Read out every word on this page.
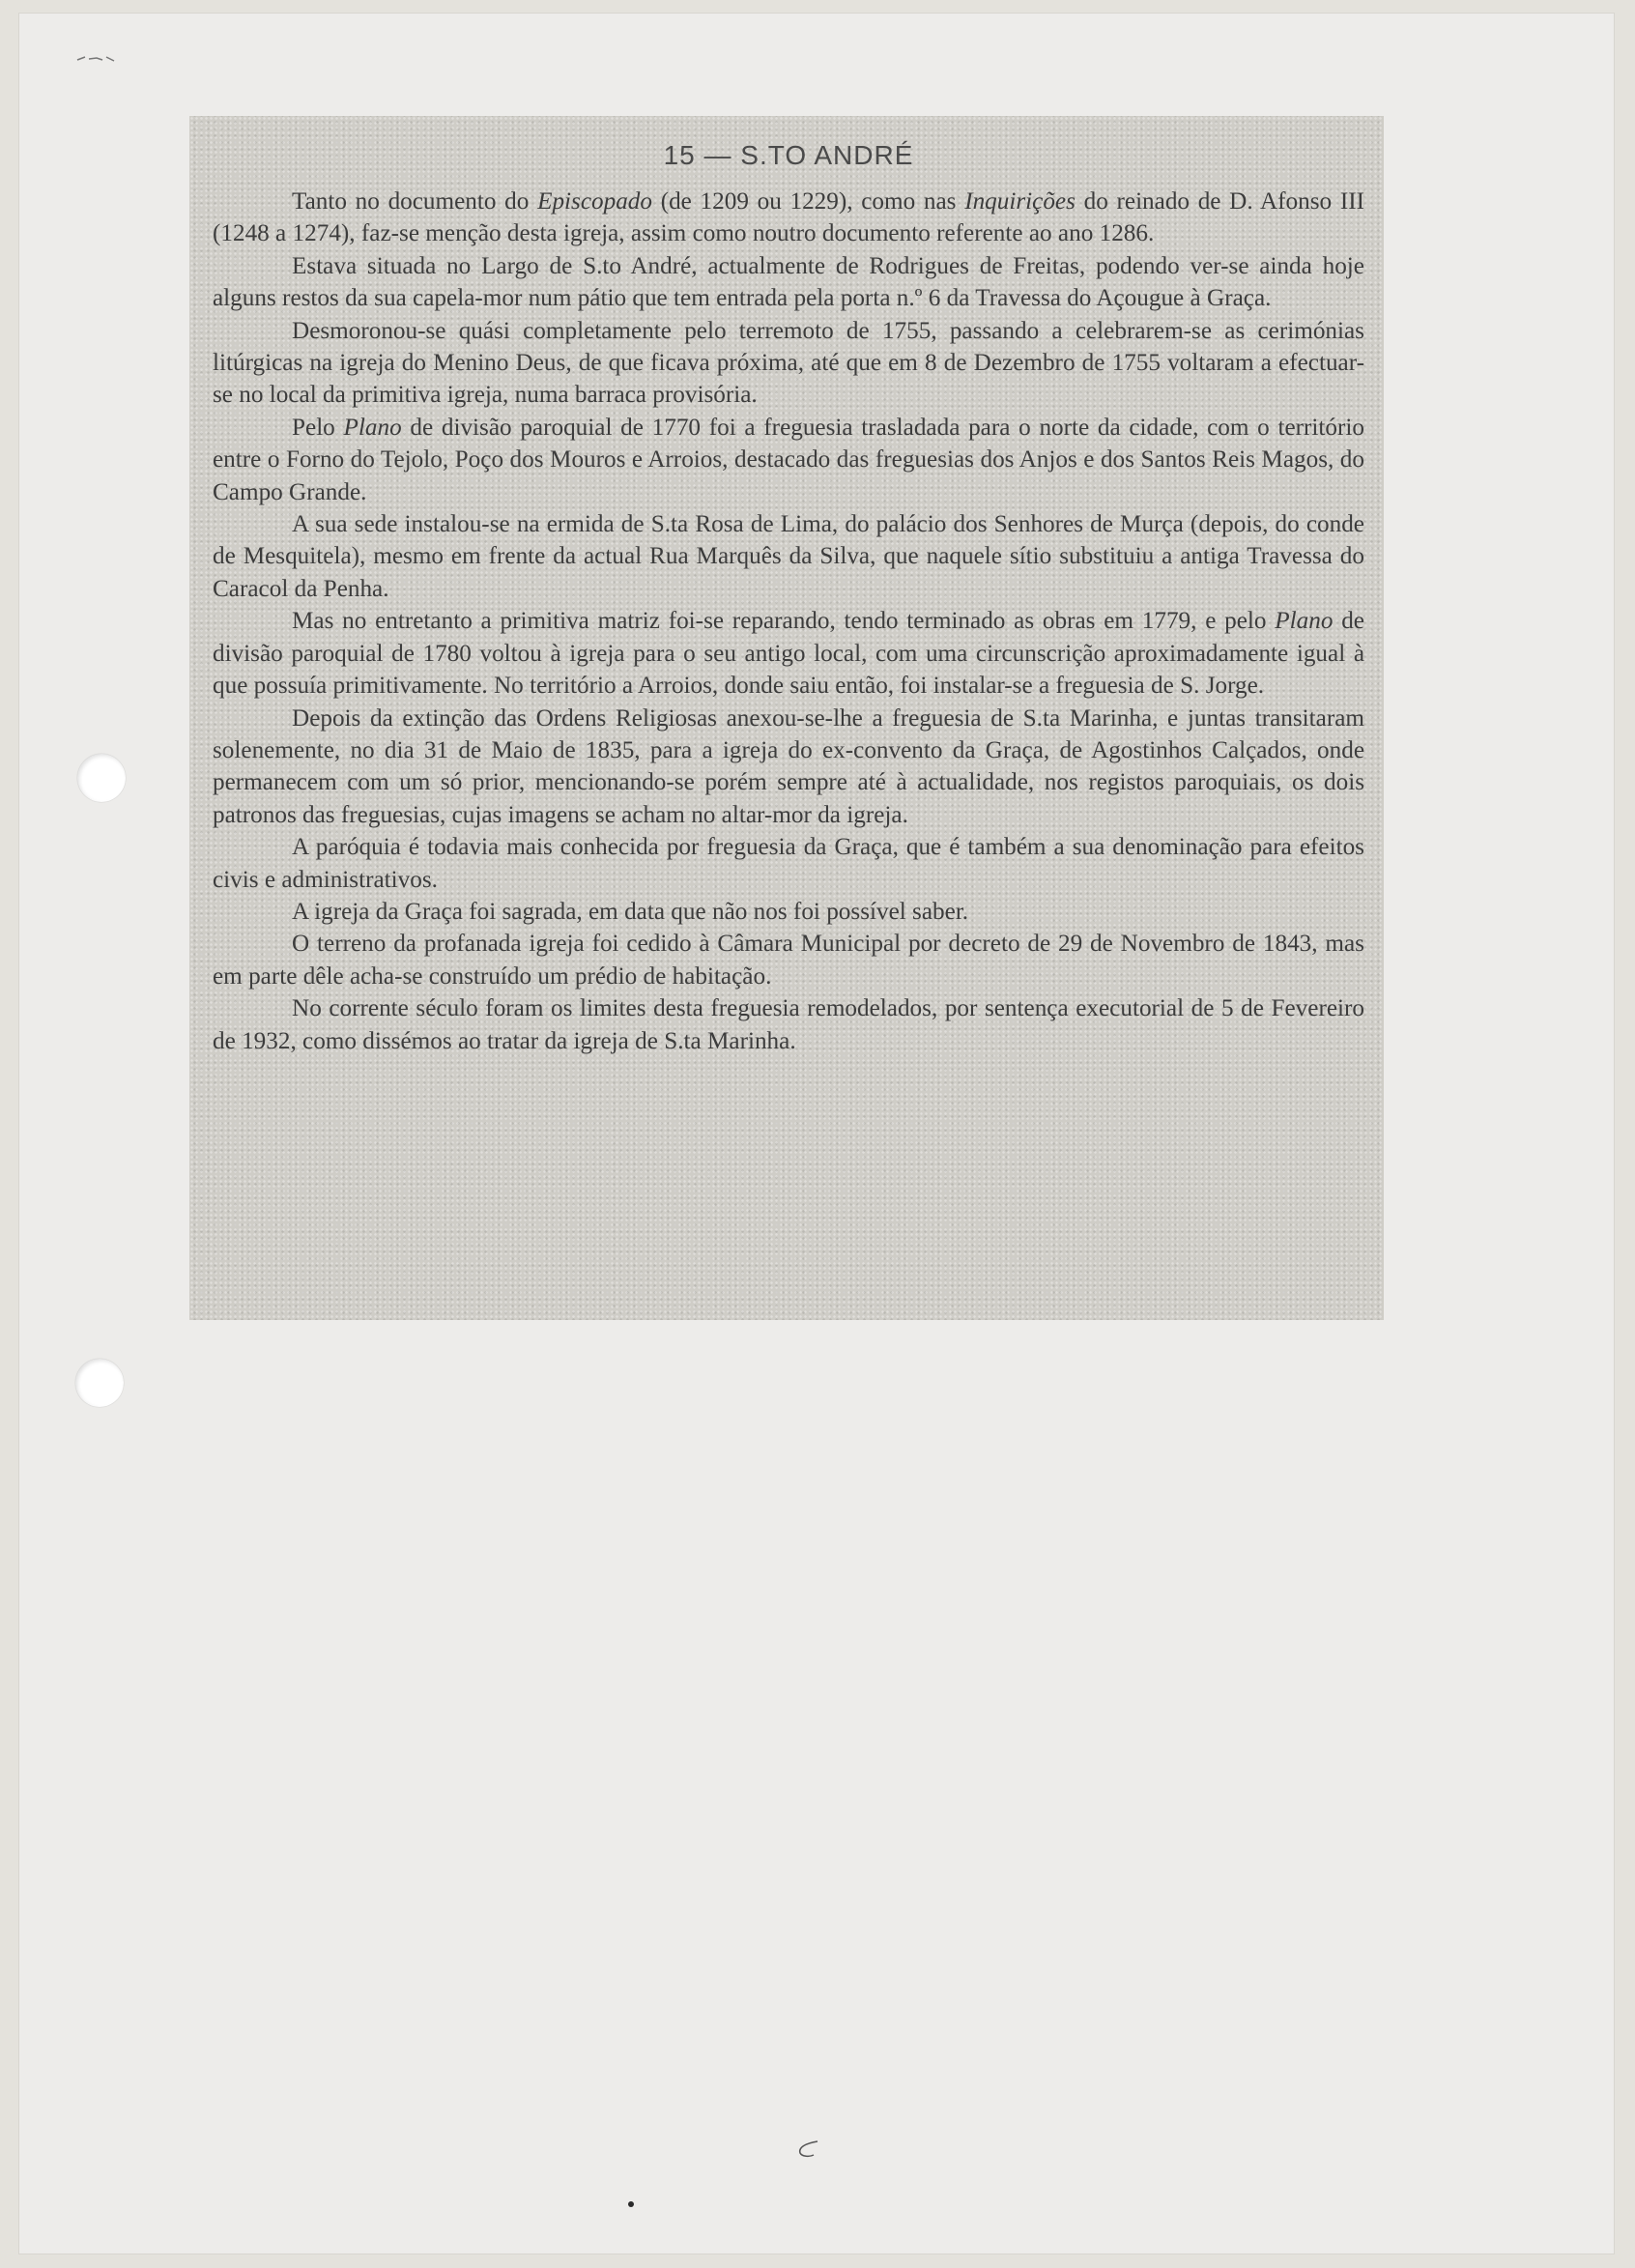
15 — S.TO ANDRÉ

Tanto no documento do Episcopado (de 1209 ou 1229), como nas Inquirições do reinado de D. Afonso III (1248 a 1274), faz-se menção desta igreja, assim como noutro documento referente ao ano 1286.

Estava situada no Largo de S.to André, actualmente de Rodrigues de Freitas, podendo ver-se ainda hoje alguns restos da sua capela-mor num pátio que tem entrada pela porta n.º 6 da Travessa do Açougue à Graça.

Desmoronou-se quási completamente pelo terremoto de 1755, passando a celebrarem-se as cerimónias litúrgicas na igreja do Menino Deus, de que ficava próxima, até que em 8 de Dezembro de 1755 voltaram a efectuar-se no local da primitiva igreja, numa barraca provisória.

Pelo Plano de divisão paroquial de 1770 foi a freguesia trasladada para o norte da cidade, com o território entre o Forno do Tejolo, Poço dos Mouros e Arroios, destacado das freguesias dos Anjos e dos Santos Reis Magos, do Campo Grande.

A sua sede instalou-se na ermida de S.ta Rosa de Lima, do palácio dos Senhores de Murça (depois, do conde de Mesquitela), mesmo em frente da actual Rua Marquês da Silva, que naquele sítio substituiu a antiga Travessa do Caracol da Penha.

Mas no entretanto a primitiva matriz foi-se reparando, tendo terminado as obras em 1779, e pelo Plano de divisão paroquial de 1780 voltou à igreja para o seu antigo local, com uma circunscrição aproximadamente igual à que possuía primitivamente. No território a Arroios, donde saiu então, foi instalar-se a freguesia de S. Jorge.

Depois da extinção das Ordens Religiosas anexou-se-lhe a freguesia de S.ta Marinha, e juntas transitaram solenemente, no dia 31 de Maio de 1835, para a igreja do ex-convento da Graça, de Agostinhos Calçados, onde permanecem com um só prior, mencionando-se porém sempre até à actualidade, nos registos paroquiais, os dois patronos das freguesias, cujas imagens se acham no altar-mor da igreja.

A paróquia é todavia mais conhecida por freguesia da Graça, que é também a sua denominação para efeitos civis e administrativos.

A igreja da Graça foi sagrada, em data que não nos foi possível saber.

O terreno da profanada igreja foi cedido à Câmara Municipal por decreto de 29 de Novembro de 1843, mas em parte dêle acha-se construído um prédio de habitação.

No corrente século foram os limites desta freguesia remodelados, por sentença executorial de 5 de Fevereiro de 1932, como dissémos ao tratar da igreja de S.ta Marinha.
